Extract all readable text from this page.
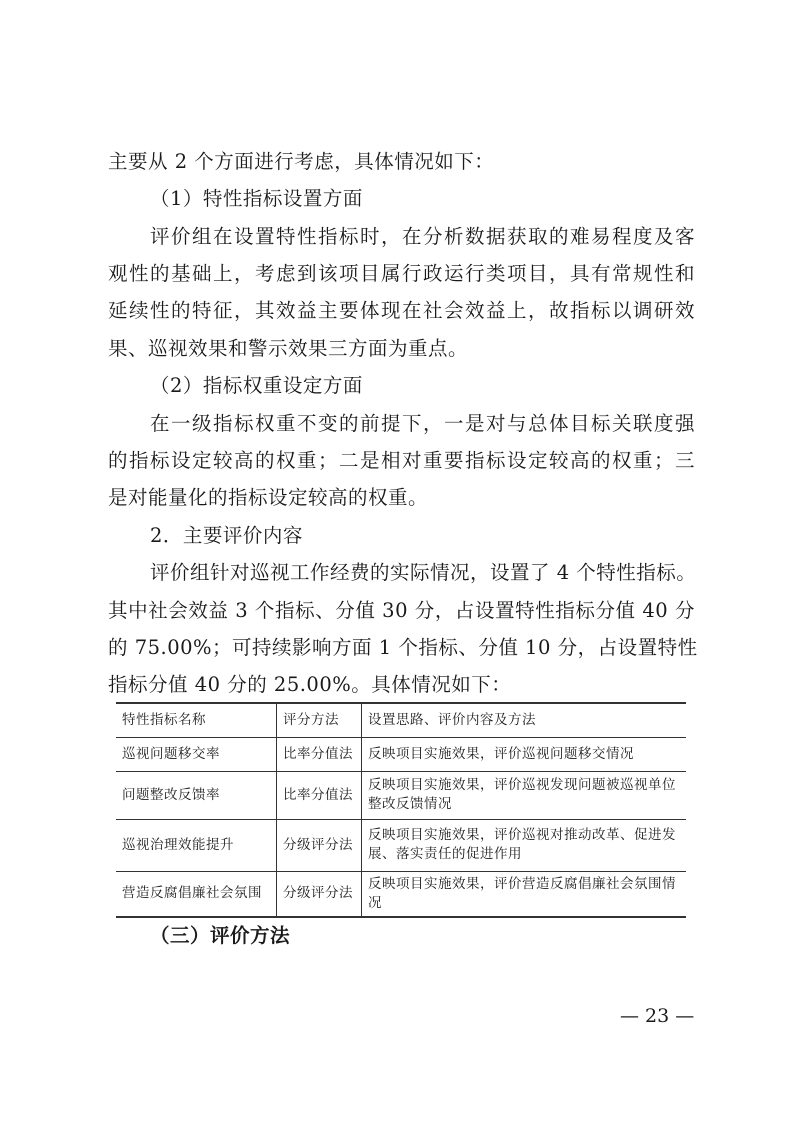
主要从 2 个方面进行考虑，具体情况如下：
（1）特性指标设置方面
评价组在设置特性指标时，在分析数据获取的难易程度及客
观性的基础上，考虑到该项目属行政运行类项目，具有常规性和
延续性的特征，其效益主要体现在社会效益上，故指标以调研效
果、巡视效果和警示效果三方面为重点。
（2）指标权重设定方面
在一级指标权重不变的前提下，一是对与总体目标关联度强
的指标设定较高的权重；二是相对重要指标设定较高的权重；三
是对能量化的指标设定较高的权重。
2．主要评价内容
评价组针对巡视工作经费的实际情况，设置了 4 个特性指标。
其中社会效益 3 个指标、分值 30 分，占设置特性指标分值 40 分
的 75.00%；可持续影响方面 1 个指标、分值 10 分，占设置特性
指标分值 40 分的 25.00%。具体情况如下：
特性指标名称	评分方法	设置思路、评价内容及方法
巡视问题移交率	比率分值法	反映项目实施效果，评价巡视问题移交情况
问题整改反馈率	比率分值法	反映项目实施效果，评价巡视发现问题被巡视单位整改反馈情况
巡视治理效能提升	分级评分法	反映项目实施效果，评价巡视对推动改革、促进发展、落实责任的促进作用
营造反腐倡廉社会氛围	分级评分法	反映项目实施效果，评价营造反腐倡廉社会氛围情况
（三）评价方法
— 23 —
